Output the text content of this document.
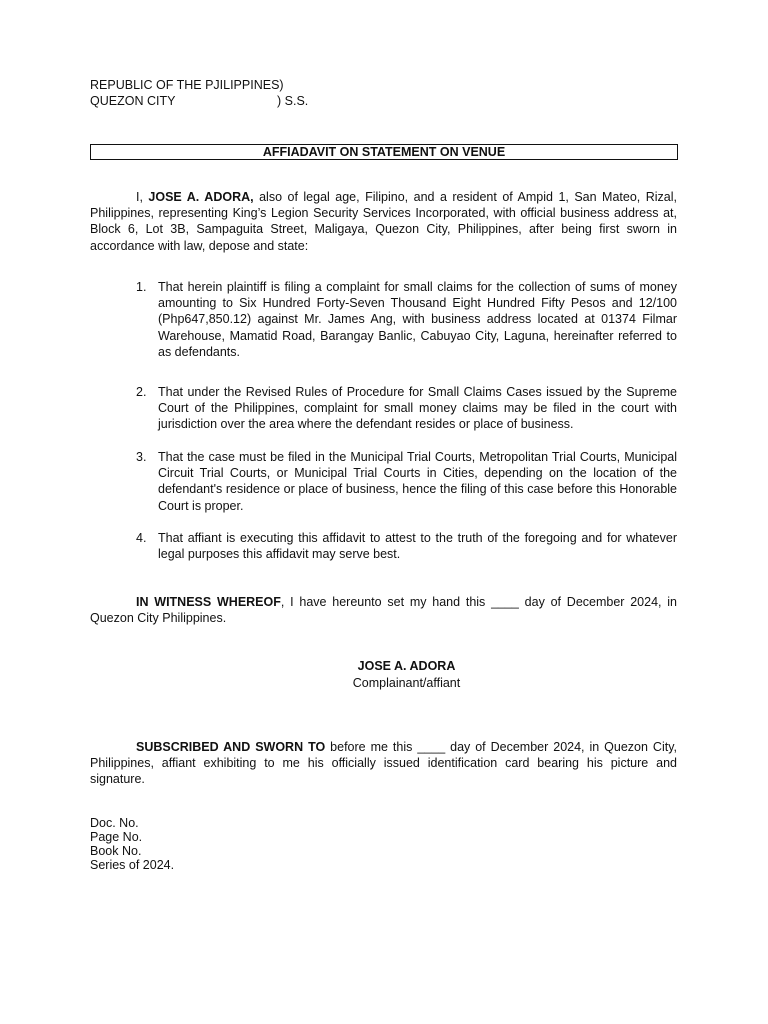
REPUBLIC OF THE PJILIPPINES)
QUEZON CITY	) S.S.
AFFIADAVIT ON STATEMENT ON VENUE
I, JOSE A. ADORA, also of legal age, Filipino, and a resident of Ampid 1, San Mateo, Rizal, Philippines, representing King’s Legion Security Services Incorporated, with official business address at, Block 6, Lot 3B, Sampaguita Street, Maligaya, Quezon City, Philippines, after being first sworn in accordance with law, depose and state:
1. That herein plaintiff is filing a complaint for small claims for the collection of sums of money amounting to Six Hundred Forty-Seven Thousand Eight Hundred Fifty Pesos and 12/100 (Php647,850.12) against Mr. James Ang, with business address located at 01374 Filmar Warehouse, Mamatid Road, Barangay Banlic, Cabuyao City, Laguna, hereinafter referred to as defendants.
2. That under the Revised Rules of Procedure for Small Claims Cases issued by the Supreme Court of the Philippines, complaint for small money claims may be filed in the court with jurisdiction over the area where the defendant resides or place of business.
3. That the case must be filed in the Municipal Trial Courts, Metropolitan Trial Courts, Municipal Circuit Trial Courts, or Municipal Trial Courts in Cities, depending on the location of the defendant's residence or place of business, hence the filing of this case before this Honorable Court is proper.
4. That affiant is executing this affidavit to attest to the truth of the foregoing and for whatever legal purposes this affidavit may serve best.
IN WITNESS WHEREOF, I have hereunto set my hand this ____ day of December 2024, in Quezon City Philippines.
JOSE A. ADORA
Complainant/affiant
SUBSCRIBED AND SWORN TO before me this ____ day of December 2024, in Quezon City, Philippines, affiant exhibiting to me his officially issued identification card bearing his picture and signature.
Doc. No.
Page No.
Book No.
Series of 2024.
